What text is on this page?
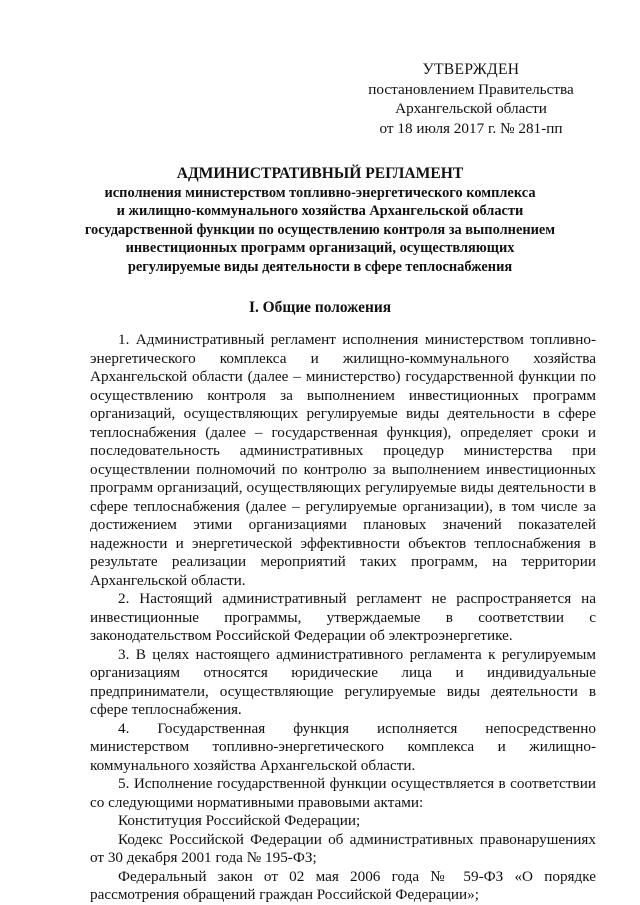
УТВЕРЖДЕН
постановлением Правительства
Архангельской области
от 18 июля 2017 г. № 281-пп
АДМИНИСТРАТИВНЫЙ РЕГЛАМЕНТ
исполнения министерством топливно-энергетического комплекса
и жилищно-коммунального хозяйства Архангельской области
государственной функции по осуществлению контроля за выполнением
инвестиционных программ организаций, осуществляющих
регулируемые виды деятельности в сфере теплоснабжения
I. Общие положения

1. Административный регламент исполнения министерством топливно-энергетического комплекса и жилищно-коммунального хозяйства Архангельской области (далее – министерство) государственной функции по осуществлению контроля за выполнением инвестиционных программ организаций, осуществляющих регулируемые виды деятельности в сфере теплоснабжения (далее – государственная функция), определяет сроки и последовательность административных процедур министерства при осуществлении полномочий по контролю за выполнением инвестиционных программ организаций, осуществляющих регулируемые виды деятельности в сфере теплоснабжения (далее – регулируемые организации), в том числе за достижением этими организациями плановых значений показателей надежности и энергетической эффективности объектов теплоснабжения в результате реализации мероприятий таких программ, на территории Архангельской области.

2. Настоящий административный регламент не распространяется на инвестиционные программы, утверждаемые в соответствии с законодательством Российской Федерации об электроэнергетике.

3. В целях настоящего административного регламента к регулируемым организациям относятся юридические лица и индивидуальные предприниматели, осуществляющие регулируемые виды деятельности в сфере теплоснабжения.

4. Государственная функция исполняется непосредственно министерством топливно-энергетического комплекса и жилищно-коммунального хозяйства Архангельской области.

5. Исполнение государственной функции осуществляется в соответствии со следующими нормативными правовыми актами:

Конституция Российской Федерации;

Кодекс Российской Федерации об административных правонарушениях от 30 декабря 2001 года № 195-ФЗ;

Федеральный закон от 02 мая 2006 года № 59-ФЗ «О порядке рассмотрения обращений граждан Российской Федерации»;
